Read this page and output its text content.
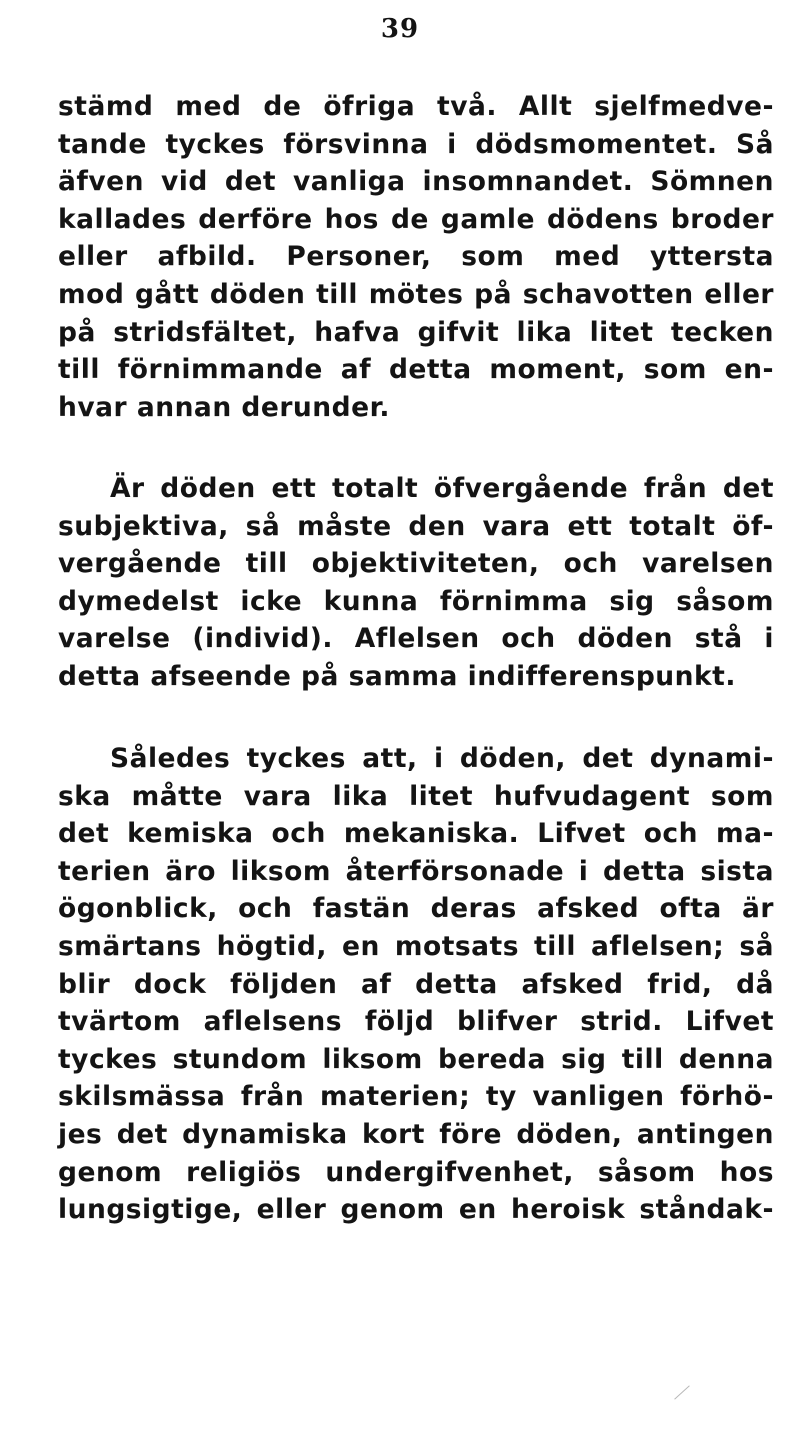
39
stämd med de öfriga två. Allt sjelfmedve-
tande tyckes försvinna i dödsmomentet. Så
äfven vid det vanliga insomnandet. Sömnen
kallades derföre hos de gamle dödens broder
eller afbild. Personer, som med yttersta
mod gått döden till mötes på schavotten eller
på stridsfältet, hafva gifvit lika litet tecken
till förnimmande af detta moment, som en-
hvar annan derunder.
Är döden ett totalt öfvergående från det
subjektiva, så måste den vara ett totalt öf-
vergående till objektiviteten, och varelsen
dymedelst icke kunna förnimma sig såsom
varelse (individ). Aflelsen och döden stå i
detta afseende på samma indifferenspunkt.
Således tyckes att, i döden, det dynami-
ska måtte vara lika litet hufvudagent som
det kemiska och mekaniska. Lifvet och ma-
terien äro liksom återförsonade i detta sista
ögonblick, och fastän deras afsked ofta är
smärtans högtid, en motsats till aflelsen; så
blir dock följden af detta afsked frid, då
tvärtom aflelsens följd blifver strid. Lifvet
tyckes stundom liksom bereda sig till denna
skilsmässa från materien; ty vanligen förhö-
jes det dynamiska kort före döden, antingen
genom religiös undergifvenhet, såsom hos
lungsigtige, eller genom en heroisk ståndak-
